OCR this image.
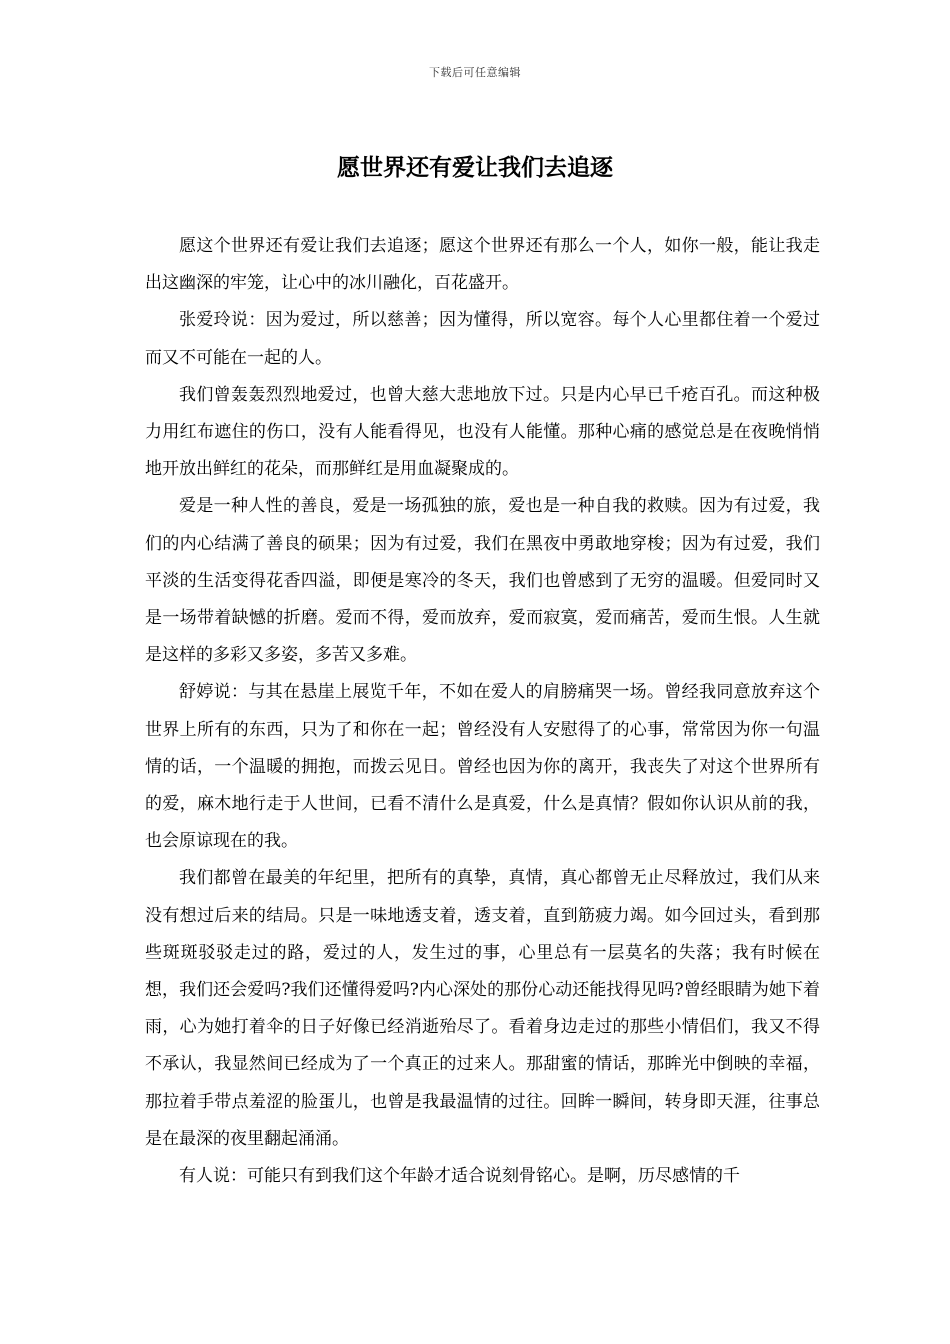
下载后可任意编辑
愿世界还有爱让我们去追逐

愿这个世界还有爱让我们去追逐；愿这个世界还有那么一个人，如你一般，能让我走出这幽深的牢笼，让心中的冰川融化，百花盛开。

张爱玲说：因为爱过，所以慈善；因为懂得，所以宽容。每个人心里都住着一个爱过而又不可能在一起的人。

我们曾轰轰烈烈地爱过，也曾大慈大悲地放下过。只是内心早已千疮百孔。而这种极力用红布遮住的伤口，没有人能看得见，也没有人能懂。那种心痛的感觉总是在夜晚悄悄地开放出鲜红的花朵，而那鲜红是用血凝聚成的。

爱是一种人性的善良，爱是一场孤独的旅，爱也是一种自我的救赎。因为有过爱，我们的内心结满了善良的硕果；因为有过爱，我们在黑夜中勇敢地穿梭；因为有过爱，我们平淡的生活变得花香四溢，即便是寒冷的冬天，我们也曾感到了无穷的温暖。但爱同时又是一场带着缺憾的折磨。爱而不得，爱而放弃，爱而寂寞，爱而痛苦，爱而生恨。人生就是这样的多彩又多姿，多苦又多难。

舒婷说：与其在悬崖上展览千年，不如在爱人的肩膀痛哭一场。曾经我同意放弃这个世界上所有的东西，只为了和你在一起；曾经没有人安慰得了的心事，常常因为你一句温情的话，一个温暖的拥抱，而拨云见日。曾经也因为你的离开，我丧失了对这个世界所有的爱，麻木地行走于人世间，已看不清什么是真爱，什么是真情？假如你认识从前的我，也会原谅现在的我。

我们都曾在最美的年纪里，把所有的真挚，真情，真心都曾无止尽释放过，我们从来没有想过后来的结局。只是一味地透支着，透支着，直到筋疲力竭。如今回过头，看到那些斑斑驳驳走过的路，爱过的人，发生过的事，心里总有一层莫名的失落；我有时候在想，我们还会爱吗?我们还懂得爱吗?内心深处的那份心动还能找得见吗?曾经眼睛为她下着雨，心为她打着伞的日子好像已经消逝殆尽了。看着身边走过的那些小情侣们，我又不得不承认，我显然间已经成为了一个真正的过来人。那甜蜜的情话，那眸光中倒映的幸福，那拉着手带点羞涩的脸蛋儿，也曾是我最温情的过往。回眸一瞬间，转身即天涯，往事总是在最深的夜里翻起涌涌。

有人说：可能只有到我们这个年龄才适合说刻骨铭心。是啊，历尽感情的千
